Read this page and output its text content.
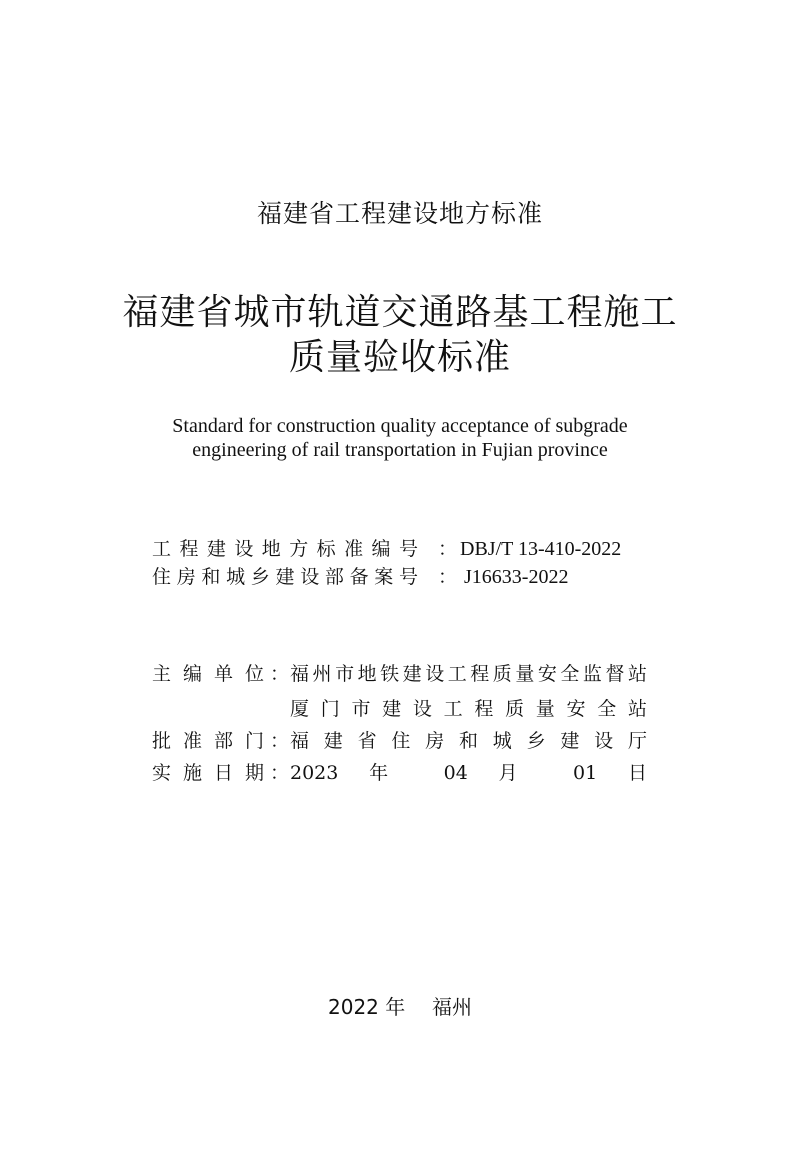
福建省工程建设地方标准
福建省城市轨道交通路基工程施工
质量验收标准
Standard for construction quality acceptance of subgrade
engineering of rail transportation in Fujian province
工程建设地方标准编号 ： DBJ/T 13-410-2022
住房和城乡建设部备案号 ： J16633-2022
主编单位 ： 福州市地铁建设工程质量安全监督站
厦门市建设工程质量安全站
批准部门 ： 福建省住房和城乡建设厅
实施日期 ： 2023 年 04 月 01 日
2022 年 福州
